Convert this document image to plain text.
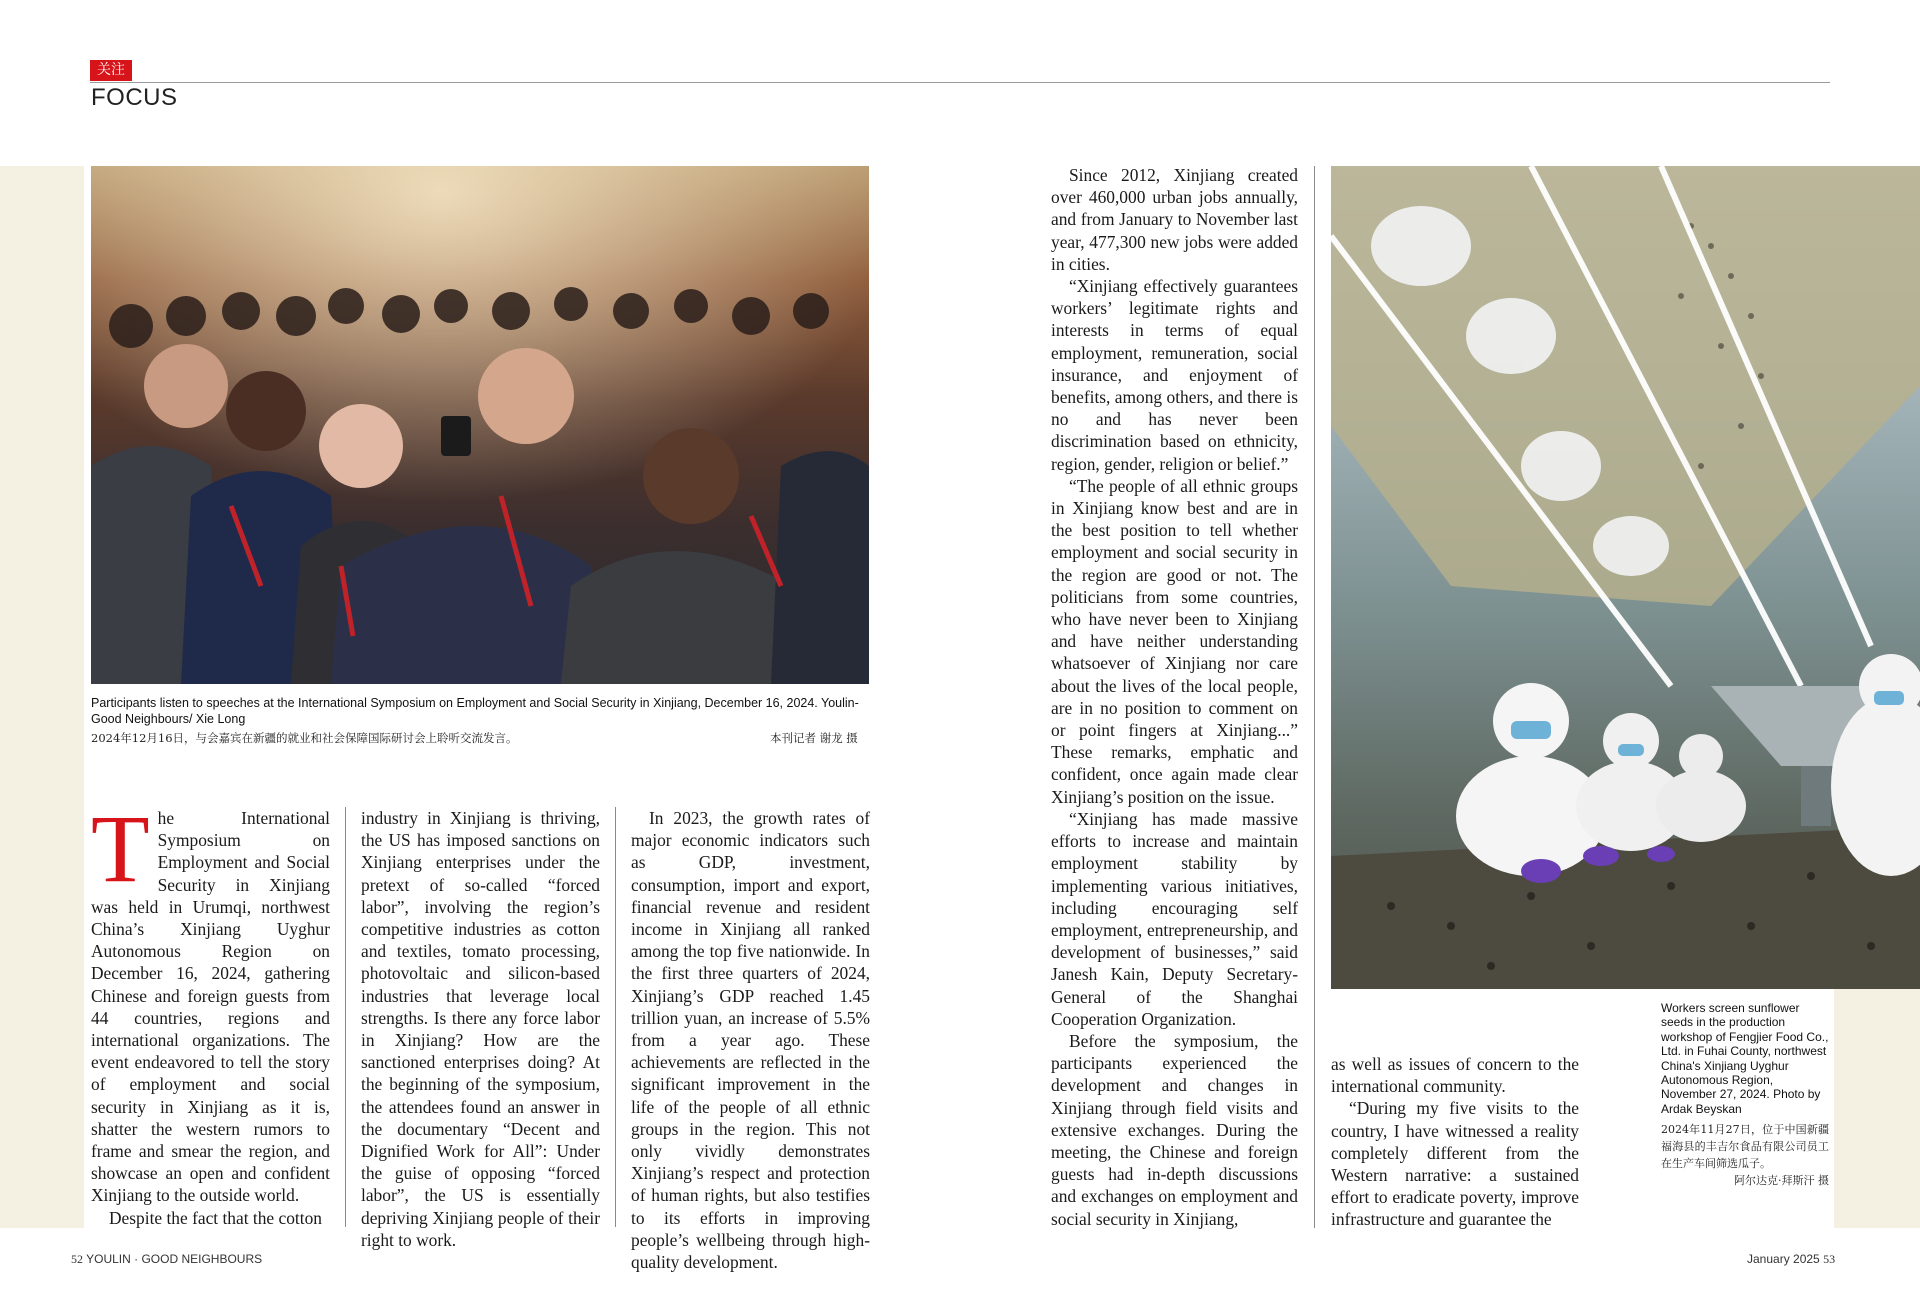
关注
FOCUS
Participants listen to speeches at the International Symposium on Employment and Social Security in Xinjiang, December 16, 2024. Youlin-Good Neighbours/ Xie Long
2024年12月16日，与会嘉宾在新疆的就业和社会保障国际研讨会上聆听交流发言。	本刊记者 谢龙 摄
Workers screen sunflower seeds in the production workshop of Fengjier Food Co., Ltd. in Fuhai County, northwest China's Xinjiang Uyghur Autonomous Region, November 27, 2024. Photo by Ardak Beyskan
2024年11月27日，位于中国新疆福海县的丰吉尔食品有限公司员工在生产车间筛选瓜子。
阿尔达克·拜斯汗 摄
T he International Symposium on Employment and Social Security in Xinjiang was held in Urumqi, northwest China’s Xinjiang Uyghur Autonomous Region on December 16, 2024, gathering Chinese and foreign guests from 44 countries, regions and international organizations. The event endeavored to tell the story of employment and social security in Xinjiang as it is, shatter the western rumors to frame and smear the region, and showcase an open and confident Xinjiang to the outside world.

Despite the fact that the cotton

industry in Xinjiang is thriving, the US has imposed sanctions on Xinjiang enterprises under the pretext of so-called “forced labor”, involving the region’s competitive industries as cotton and textiles, tomato processing, photovoltaic and silicon-based industries that leverage local strengths. Is there any force labor in Xinjiang? How are the sanctioned enterprises doing? At the beginning of the symposium, the attendees found an answer in the documentary “Decent and Dignified Work for All”: Under the guise of opposing “forced labor”, the US is essentially depriving Xinjiang people of their right to work.

In 2023, the growth rates of major economic indicators such as GDP, investment, consumption, import and export, financial revenue and resident income in Xinjiang all ranked among the top five nationwide. In the first three quarters of 2024, Xinjiang’s GDP reached 1.45 trillion yuan, an increase of 5.5% from a year ago. These achievements are reflected in the significant improvement in the life of the people of all ethnic groups in the region. This not only vividly demonstrates Xinjiang’s respect and protection of human rights, but also testifies to its efforts in improving people’s wellbeing through high-quality development.

Since 2012, Xinjiang created over 460,000 urban jobs annually, and from January to November last year, 477,300 new jobs were added in cities.

“Xinjiang effectively guarantees workers’ legitimate rights and interests in terms of equal employment, remuneration, social insurance, and enjoyment of benefits, among others, and there is no and has never been discrimination based on ethnicity, region, gender, religion or belief.”

“The people of all ethnic groups in Xinjiang know best and are in the best position to tell whether employment and social security in the region are good or not. The politicians from some countries, who have never been to Xinjiang and have neither understanding whatsoever of Xinjiang nor care about the lives of the local people, are in no position to comment on or point fingers at Xinjiang...” These remarks, emphatic and confident, once again made clear Xinjiang’s position on the issue.

“Xinjiang has made massive efforts to increase and maintain employment stability by implementing various initiatives, including encouraging self employment, entrepreneurship, and development of businesses,” said Janesh Kain, Deputy Secretary-General of the Shanghai Cooperation Organization.

Before the symposium, the participants experienced the development and changes in Xinjiang through field visits and extensive exchanges. During the meeting, the Chinese and foreign guests had in-depth discussions and exchanges on employment and social security in Xinjiang,

as well as issues of concern to the international community.

“During my five visits to the country, I have witnessed a reality completely different from the Western narrative: a sustained effort to eradicate poverty, improve infrastructure and guarantee the

52 YOULIN · GOOD NEIGHBOURS	January 2025 53
